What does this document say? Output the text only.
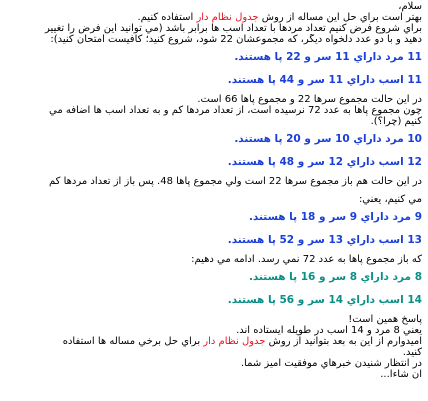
سلام،
بهتر است براي حل اين مسأله از روش جدول نظام دار استفاده كنيم.
براي شروع فرض كنيم تعداد مردها با تعداد اسب ها برابر باشد (مي توانيد اين فرض را تغيير
دهيد و با دو عدد دلخواه ديگر، كه مجموعشان 22 شود، شروع كنيد؛ كافيست امتحان كنيد):
11 مرد داراي 11 سر و 22 پا هستند.
11 اسب داراي 11 سر و 44 پا هستند.
در اين حالت مجموع سرها 22 و مجموع پاها 66 است.
چون مجموع پاها به عدد 72 نرسيده است، از تعداد مردها كم و به تعداد اسب ها اضافه مي
كنيم (چرا؟).
10 مرد داراي 10 سر و 20 پا هستند.
12 اسب داراي 12 سر و 48 پا هستند.
در اين حالت هم باز مجموع سرها 22 است ولي مجموع پاها 48. پس باز از تعداد مردها كم
مي كنيم، يعني:
9 مرد داراي 9 سر و 18 پا هستند.
13 اسب داراي 13 سر و 52 پا هستند.
كه باز مجموع پاها به عدد 72 نمي رسد. ادامه مي دهيم:
8 مرد داراي 8 سر و 16 پا هستند.
14 اسب داراي 14 سر و 56 پا هستند.
پاسخ همين است!
يعني 8 مرد و 14 اسب در طويله ايستاده اند.
اميدوارم از اين به بعد بتوانيد از روش جدول نظام دار براي حل برخي مسأله ها استفاده
كنيد.
در انتظار شنيدن خبرهاي موفقيت آميز شما.
ان شاءا...
